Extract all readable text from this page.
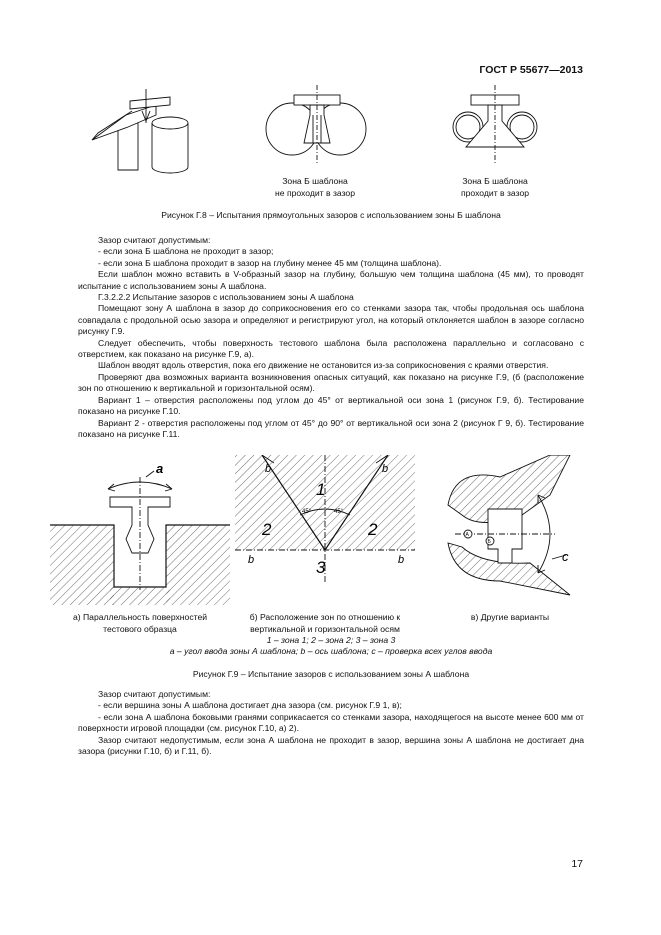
ГОСТ Р 55677—2013
Зона Б шаблона
не проходит в зазор
Зона Б шаблона
проходит в зазор
Рисунок Г.8 – Испытания прямоугольных зазоров с использованием зоны Б шаблона

Зазор считают допустимым:

- если зона Б шаблона не проходит в зазор;

- если зона Б шаблона проходит в зазор на глубину менее 45 мм (толщина шаблона).

Если шаблон можно вставить в V-образный зазор на глубину, большую чем толщина шаблона (45 мм), то проводят испытание с использованием зоны А шаблона.

Г.3.2.2.2 Испытание зазоров с использованием зоны А шаблона

Помещают зону А шаблона в зазор до соприкосновения его со стенками зазора так, чтобы продольная ось шаблона совпадала с продольной осью зазора и определяют и регистрируют угол, на который отклоняется шаблон в зазоре согласно рисунку Г.9.

Следует обеспечить, чтобы поверхность тестового шаблона была расположена параллельно и согласовано с отверстием, как показано на рисунке Г.9, а).

Шаблон вводят вдоль отверстия, пока его движение не остановится из-за соприкосновения с краями отверстия.

Проверяют два возможных варианта возникновения опасных ситуаций, как показано на рисунке Г.9, (б (расположение зон по отношению к вертикальной и горизонтальной осям).

Вариант 1 – отверстия расположены под углом до 45° от вертикальной оси зона 1 (рисунок Г.9, б). Тестирование показано на рисунке Г.10.

Вариант 2 - отверстия расположены под углом от 45° до 90° от вертикальной оси зона 2 (рисунок Г 9, б). Тестирование показано на рисунке Г.11.

a	b	b
b	b
1
2	2
3
45°	45°
А
Б
c
а) Параллельность поверхностей
тестового образца
б) Расположение зон по отношению к
вертикальной и горизонтальной осям
в) Другие варианты
1 – зона 1; 2 – зона 2; 3 – зона 3
a – угол ввода зоны А шаблона; b – ось шаблона; c – проверка всех углов ввода
Рисунок Г.9 – Испытание зазоров с использованием зоны А шаблона

Зазор считают допустимым:

- если вершина зоны А шаблона достигает дна зазора (см. рисунок Г.9 1, в);

- если зона А шаблона боковыми гранями соприкасается со стенками зазора, находящегося на высоте менее 600 мм от поверхности игровой площадки (см. рисунок Г.10, а) 2).

Зазор считают недопустимым, если зона А шаблона не проходит в зазор, вершина зоны А шаблона не достигает дна зазора (рисунки Г.10, б) и Г.11, б).

17
